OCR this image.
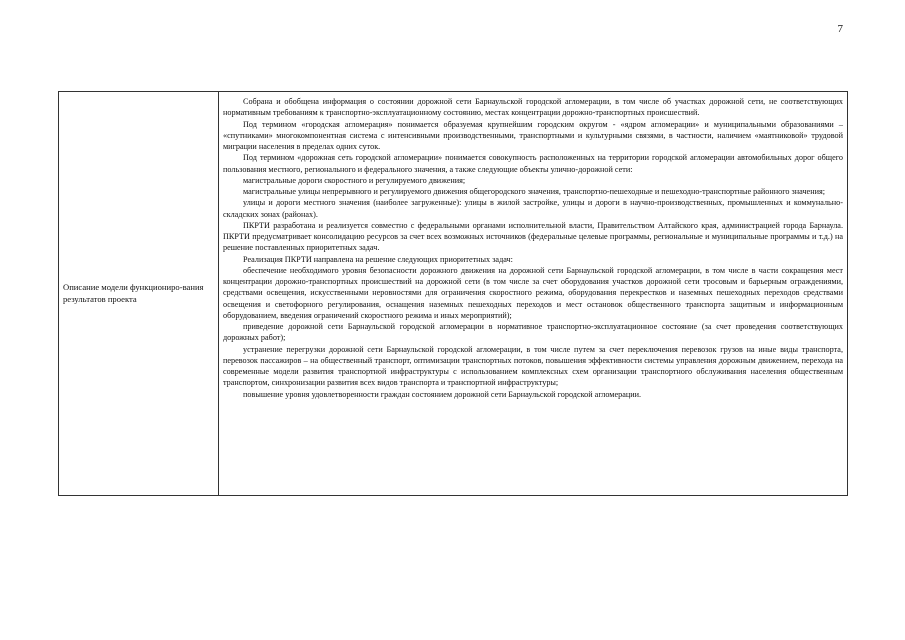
7

Описание модели функциониро-вания результатов проекта

Собрана и обобщена информация о состоянии дорожной сети Барнаульской городской агломерации, в том числе об участках дорожной сети, не соответствующих нормативным требованиям к транспортно-эксплуатационному состоянию, местах концентрации дорожно-транспортных происшествий.

Под термином «городская агломерация» понимается образуемая крупнейшим городским округом - «ядром агломерации» и муниципальными образованиями – «спутниками» многокомпонентная система с интенсивными производственными, транспортными и культурными связями, в частности, наличием «маятниковой» трудовой миграции населения в пределах одних суток.

Под термином «дорожная сеть городской агломерации» понимается совокупность расположенных на территории городской агломерации автомобильных дорог общего пользования местного, регионального и федерального значения, а также следующие объекты улично-дорожной сети:

магистральные дороги скоростного и регулируемого движения;

магистральные улицы непрерывного и регулируемого движения общегородского значения, транспортно-пешеходные и пешеходно-транспортные районного значения;

улицы и дороги местного значения (наиболее загруженные): улицы в жилой застройке, улицы и дороги в научно-производственных, промышленных и коммунально-складских зонах (районах).

ПКРТИ разработана и реализуется совместно с федеральными органами исполнительной власти, Правительством Алтайского края, администрацией города Барнаула. ПКРТИ предусматривает консолидацию ресурсов за счет всех возможных источников (федеральные целевые программы, региональные и муниципальные программы и т.д.) на решение поставленных приоритетных задач.

Реализация ПКРТИ направлена на решение следующих приоритетных задач:

обеспечение необходимого уровня безопасности дорожного движения на дорожной сети Барнаульской городской агломерации, в том числе в части сокращения мест концентрации дорожно-транспортных происшествий на дорожной сети (в том числе за счет оборудования участков дорожной сети тросовым и барьерным ограждениями, средствами освещения, искусственными неровностями для ограничения скоростного режима, оборудования перекрестков и наземных пешеходных переходов средствами освещения и светофорного регулирования, оснащения наземных пешеходных переходов и мест остановок общественного транспорта защитным и информационным оборудованием, введения ограничений скоростного режима и иных мероприятий);

приведение дорожной сети Барнаульской городской агломерации в нормативное транспортно-эксплуатационное состояние (за счет проведения соответствующих дорожных работ);

устранение перегрузки дорожной сети Барнаульской городской агломерации, в том числе путем за счет переключения перевозок грузов на иные виды транспорта, перевозок пассажиров – на общественный транспорт, оптимизации транспортных потоков, повышения эффективности системы управления дорожным движением, перехода на современные модели развития транспортной инфраструктуры с использованием комплексных схем организации транспортного обслуживания населения общественным транспортом, синхронизации развития всех видов транспорта и транспортной инфраструктуры;

повышение уровня удовлетворенности граждан состоянием дорожной сети Барнаульской городской агломерации.
